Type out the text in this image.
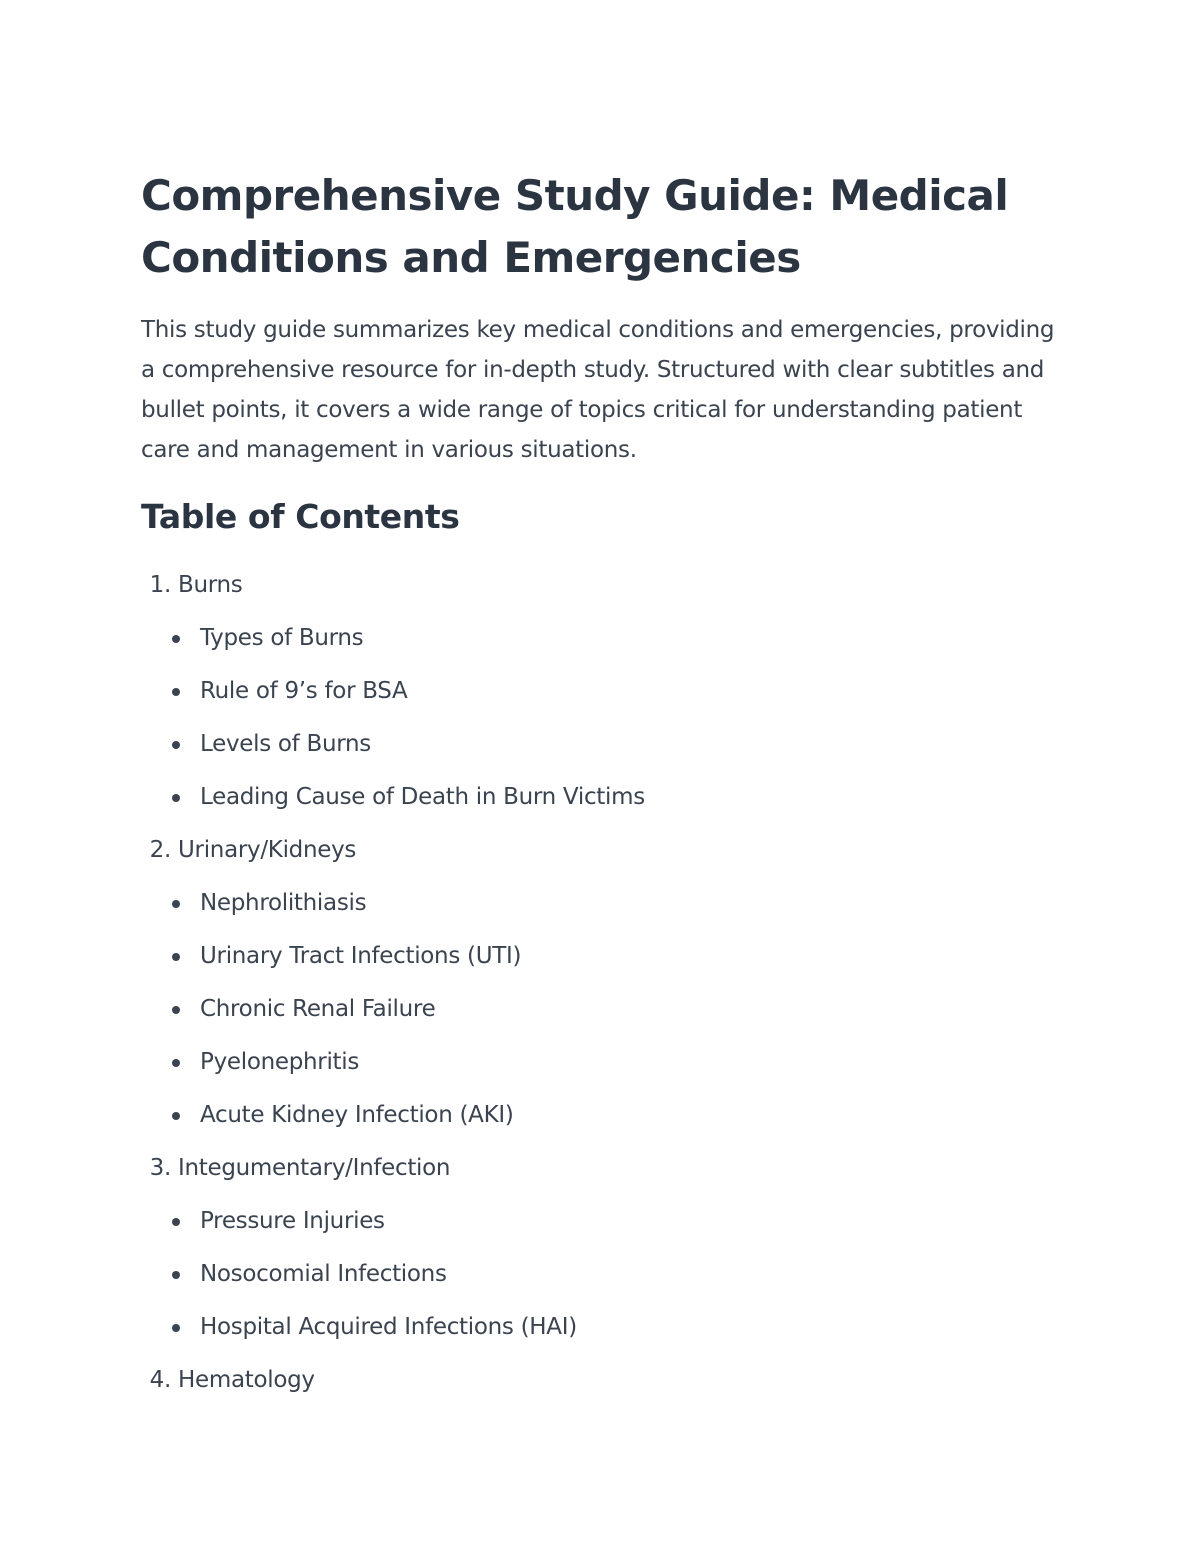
Comprehensive Study Guide: Medical Conditions and Emergencies

This study guide summarizes key medical conditions and emergencies, providing a comprehensive resource for in-depth study. Structured with clear subtitles and bullet points, it covers a wide range of topics critical for understanding patient care and management in various situations.

Table of Contents
1. Burns
Types of Burns
Rule of 9’s for BSA
Levels of Burns
Leading Cause of Death in Burn Victims
2. Urinary/Kidneys
Nephrolithiasis
Urinary Tract Infections (UTI)
Chronic Renal Failure
Pyelonephritis
Acute Kidney Infection (AKI)
3. Integumentary/Infection
Pressure Injuries
Nosocomial Infections
Hospital Acquired Infections (HAI)
4. Hematology
